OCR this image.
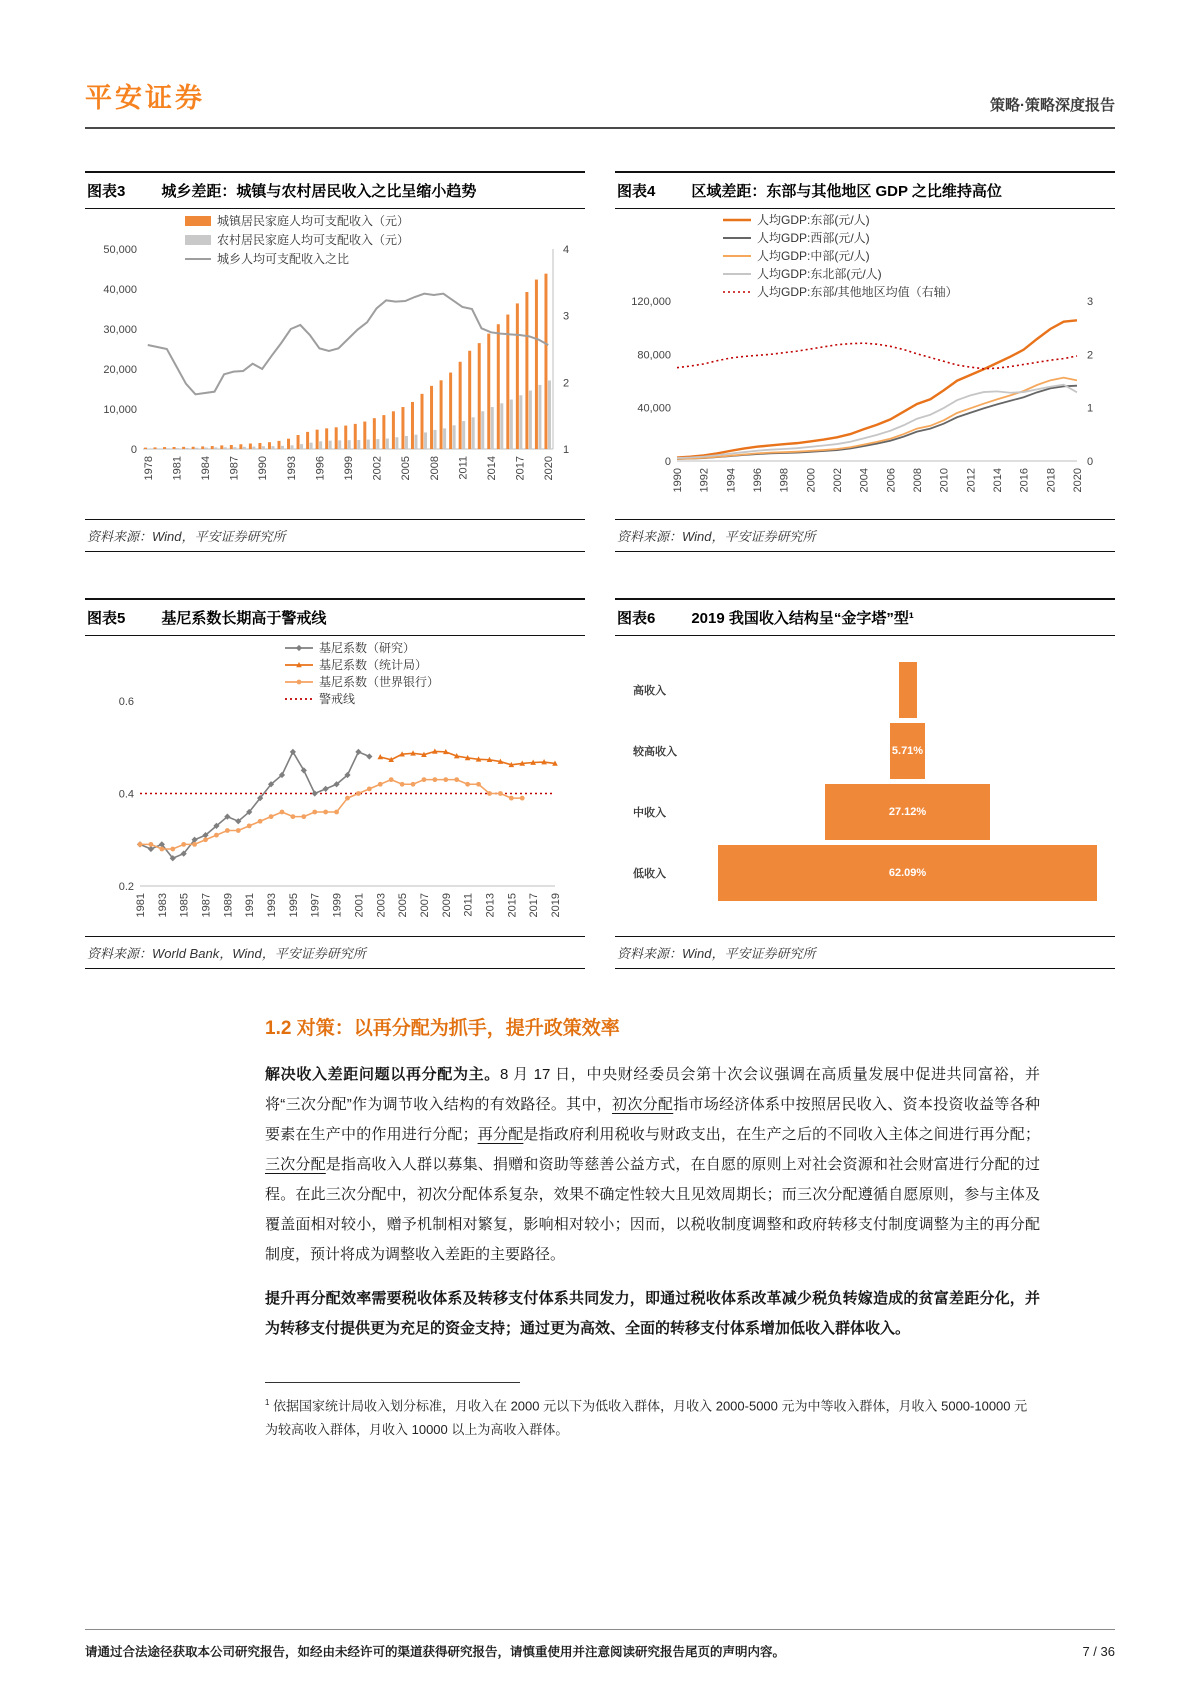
平安证券	策略·策略深度报告
图表3 城乡差距：城镇与农村居民收入之比呈缩小趋势
城镇居民家庭人均可支配收入（元）
农村居民家庭人均可支配收入（元）
城乡人均可支配收入之比
0
10,000
20,000
30,000
40,000
50,000
1
2
3
4
1978 1981 1984 1987 1990 1993 1996 1999 2002 2005 2008 2011 2014 2017 2020
资料来源：Wind，平安证券研究所
图表4 区域差距：东部与其他地区 GDP 之比维持高位
人均GDP:东部(元/人)
人均GDP:西部(元/人)
人均GDP:中部(元/人)
人均GDP:东北部(元/人)
人均GDP:东部/其他地区均值（右轴）
0
40,000
80,000
120,000
0
1
2
3
1990 1992 1994 1996 1998 2000 2002 2004 2006 2008 2010 2012 2014 2016 2018 2020
资料来源：Wind，平安证券研究所
图表5 基尼系数长期高于警戒线
基尼系数（研究）
基尼系数（统计局）
基尼系数（世界银行）
警戒线
0.2
0.4
0.6
1981 1983 1985 1987 1989 1991 1993 1995 1997 1999 2001 2003 2005 2007 2009 2011 2013 2015 2017 2019
资料来源：World Bank，Wind，平安证券研究所
图表6 2019 我国收入结构呈“金字塔”型¹
高收入
较高收入	5.71%
中收入	27.12%
低收入	62.09%
资料来源：Wind，平安证券研究所
1.2 对策：以再分配为抓手，提升政策效率

解决收入差距问题以再分配为主。8 月 17 日，中央财经委员会第十次会议强调在高质量发展中促进共同富裕，并将“三次分配”作为调节收入结构的有效路径。其中，初次分配指市场经济体系中按照居民收入、资本投资收益等各种要素在生产中的作用进行分配；再分配是指政府利用税收与财政支出，在生产之后的不同收入主体之间进行再分配；三次分配是指高收入人群以募集、捐赠和资助等慈善公益方式，在自愿的原则上对社会资源和社会财富进行分配的过程。在此三次分配中，初次分配体系复杂，效果不确定性较大且见效周期长；而三次分配遵循自愿原则，参与主体及覆盖面相对较小，赠予机制相对繁复，影响相对较小；因而，以税收制度调整和政府转移支付制度调整为主的再分配制度，预计将成为调整收入差距的主要路径。

提升再分配效率需要税收体系及转移支付体系共同发力，即通过税收体系改革减少税负转嫁造成的贫富差距分化，并为转移支付提供更为充足的资金支持；通过更为高效、全面的转移支付体系增加低收入群体收入。

$^1$ 依据国家统计局收入划分标准，月收入在 2000 元以下为低收入群体，月收入 2000-5000 元为中等收入群体，月收入 5000-10000 元为较高收入群体，月收入 10000 以上为高收入群体。

请通过合法途径获取本公司研究报告，如经由未经许可的渠道获得研究报告，请慎重使用并注意阅读研究报告尾页的声明内容。	7 / 36
